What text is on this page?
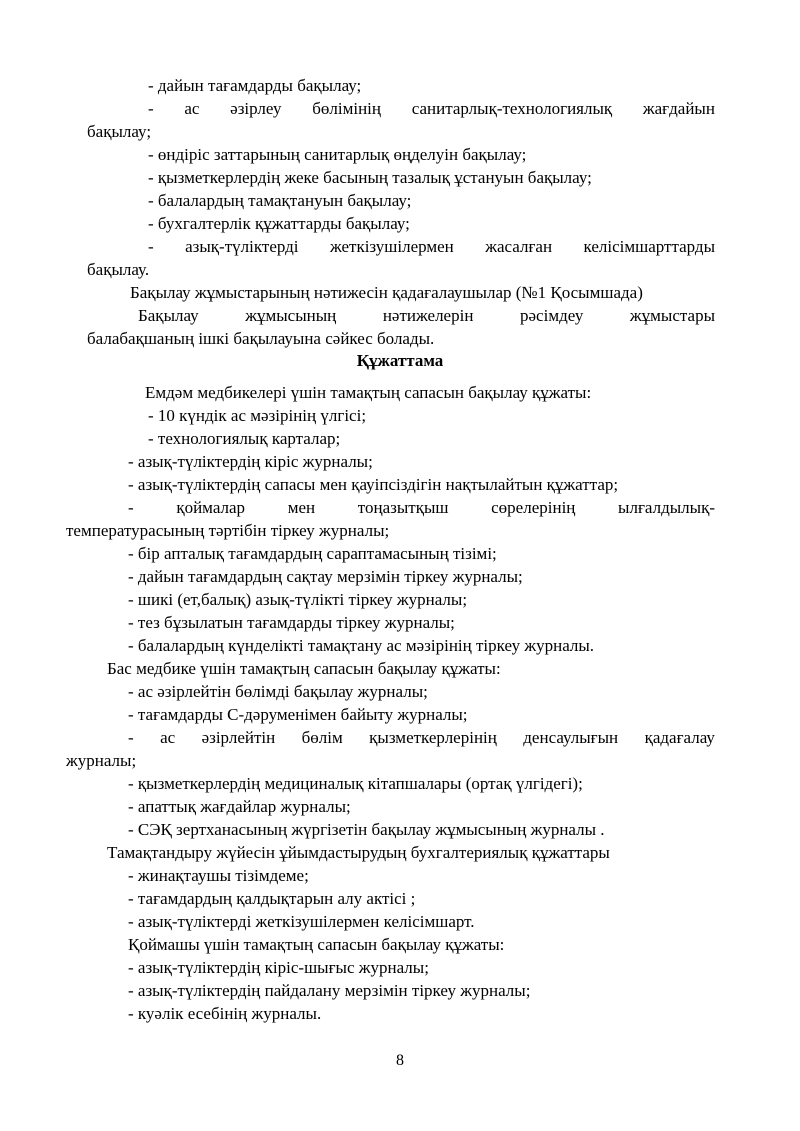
- дайын тағамдарды бақылау;
- ас әзірлеу бөлімінің санитарлық-технологиялық жағдайын
бақылау;
- өндіріс заттарының санитарлық өңделуін бақылау;
- қызметкерлердің жеке басының тазалық ұстануын бақылау;
- балалардың тамақтануын бақылау;
- бухгалтерлік құжаттарды бақылау;
- азық-түліктерді жеткізушілермен жасалған келісімшарттарды
бақылау.
Бақылау жұмыстарының нәтижесін қадағалаушылар (№1 Қосымшада)
Бақылау	жұмысының	нәтижелерін	рәсімдеу	жұмыстары
балабақшаның ішкі бақылауына сәйкес болады.
Құжаттама
Емдәм медбикелері үшін тамақтың сапасын бақылау құжаты:
- 10 күндік ас мәзірінің үлгісі;
- технологиялық карталар;
- азық-түліктердің кіріс журналы;
- азық-түліктердің сапасы мен қауіпсіздігін нақтылайтын құжаттар;
-	қоймалар	мен	тоңазытқыш	сөрелерінің	ылғалдылық-
температурасының тәртібін тіркеу журналы;
- бір апталық тағамдардың сараптамасының тізімі;
- дайын тағамдардың сақтау мерзімін тіркеу журналы;
- шикі (ет,балық) азық-түлікті тіркеу журналы;
- тез бұзылатын тағамдарды тіркеу журналы;
- балалардың күнделікті тамақтану ас мәзірінің тіркеу журналы.
Бас медбике үшін тамақтың сапасын бақылау құжаты:
- ас әзірлейтін бөлімді бақылау журналы;
- тағамдарды С-дәруменімен байыту журналы;
- ас әзірлейтін бөлім қызметкерлерінің денсаулығын қадағалау
журналы;
- қызметкерлердің медициналық кітапшалары (ортақ үлгідегі);
- апаттық жағдайлар журналы;
- СЭҚ зертханасының жүргізетін бақылау жұмысының журналы .
Тамақтандыру жүйесін ұйымдастырудың бухгалтериялық құжаттары
- жинақтаушы тізімдеме;
- тағамдардың қалдықтарын алу актісі ;
- азық-түліктерді жеткізушілермен келісімшарт.
Қоймашы үшін тамақтың сапасын бақылау құжаты:
- азық-түліктердің кіріс-шығыс журналы;
- азық-түліктердің пайдалану мерзімін тіркеу журналы;
- куәлік есебінің журналы.
8
